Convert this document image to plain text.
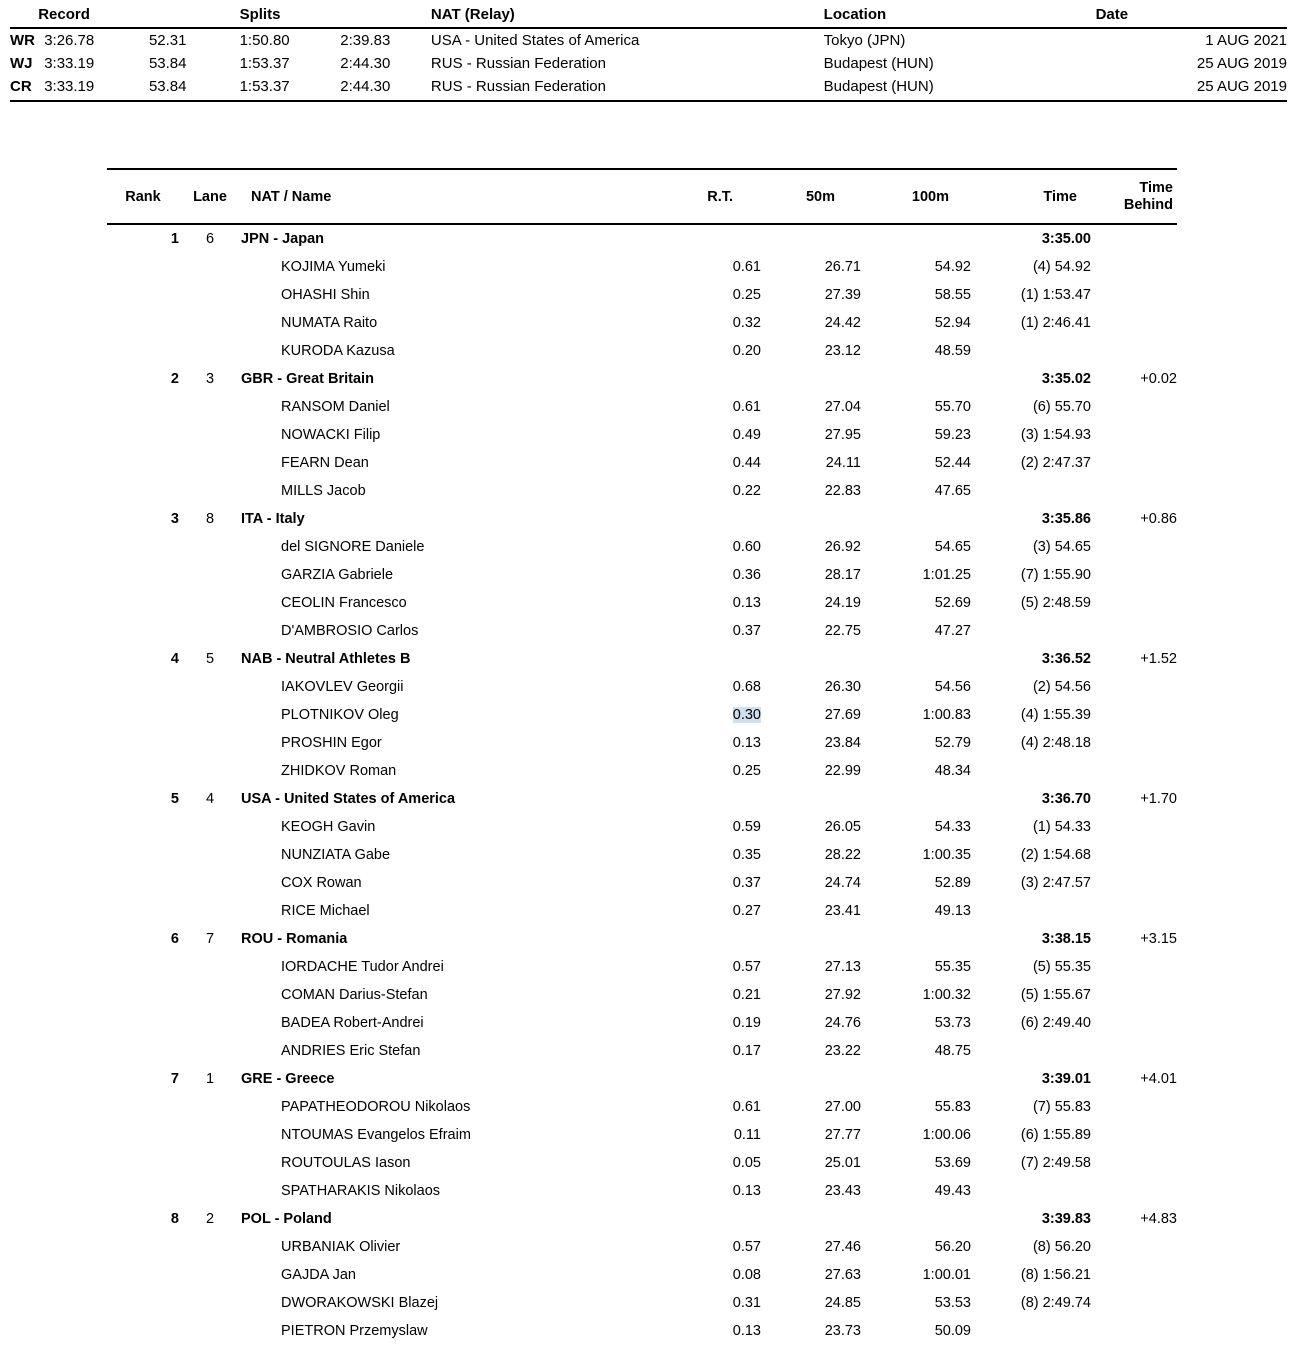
	Record		Splits		NAT (Relay)	Location	Date
WR	3:26.78	52.31	1:50.80	2:39.83	USA - United States of America	Tokyo (JPN)	1 AUG 2021
WJ	3:33.19	53.84	1:53.37	2:44.30	RUS - Russian Federation	Budapest (HUN)	25 AUG 2019
CR	3:33.19	53.84	1:53.37	2:44.30	RUS - Russian Federation	Budapest (HUN)	25 AUG 2019
Rank	Lane	NAT / Name	R.T.	50m	100m	Time	Time
Behind
1	6	JPN - Japan				3:35.00	
		KOJIMA Yumeki	0.61	26.71	54.92	(4) 54.92	
		OHASHI Shin	0.25	27.39	58.55	(1) 1:53.47	
		NUMATA Raito	0.32	24.42	52.94	(1) 2:46.41	
		KURODA Kazusa	0.20	23.12	48.59		
2	3	GBR - Great Britain				3:35.02	+0.02
		RANSOM Daniel	0.61	27.04	55.70	(6) 55.70	
		NOWACKI Filip	0.49	27.95	59.23	(3) 1:54.93	
		FEARN Dean	0.44	24.11	52.44	(2) 2:47.37	
		MILLS Jacob	0.22	22.83	47.65		
3	8	ITA - Italy				3:35.86	+0.86
		del SIGNORE Daniele	0.60	26.92	54.65	(3) 54.65	
		GARZIA Gabriele	0.36	28.17	1:01.25	(7) 1:55.90	
		CEOLIN Francesco	0.13	24.19	52.69	(5) 2:48.59	
		D'AMBROSIO Carlos	0.37	22.75	47.27		
4	5	NAB - Neutral Athletes B				3:36.52	+1.52
		IAKOVLEV Georgii	0.68	26.30	54.56	(2) 54.56	
		PLOTNIKOV Oleg	0.30	27.69	1:00.83	(4) 1:55.39	
		PROSHIN Egor	0.13	23.84	52.79	(4) 2:48.18	
		ZHIDKOV Roman	0.25	22.99	48.34		
5	4	USA - United States of America				3:36.70	+1.70
		KEOGH Gavin	0.59	26.05	54.33	(1) 54.33	
		NUNZIATA Gabe	0.35	28.22	1:00.35	(2) 1:54.68	
		COX Rowan	0.37	24.74	52.89	(3) 2:47.57	
		RICE Michael	0.27	23.41	49.13		
6	7	ROU - Romania				3:38.15	+3.15
		IORDACHE Tudor Andrei	0.57	27.13	55.35	(5) 55.35	
		COMAN Darius-Stefan	0.21	27.92	1:00.32	(5) 1:55.67	
		BADEA Robert-Andrei	0.19	24.76	53.73	(6) 2:49.40	
		ANDRIES Eric Stefan	0.17	23.22	48.75		
7	1	GRE - Greece				3:39.01	+4.01
		PAPATHEODOROU Nikolaos	0.61	27.00	55.83	(7) 55.83	
		NTOUMAS Evangelos Efraim	0.11	27.77	1:00.06	(6) 1:55.89	
		ROUTOULAS Iason	0.05	25.01	53.69	(7) 2:49.58	
		SPATHARAKIS Nikolaos	0.13	23.43	49.43		
8	2	POL - Poland				3:39.83	+4.83
		URBANIAK Olivier	0.57	27.46	56.20	(8) 56.20	
		GAJDA Jan	0.08	27.63	1:00.01	(8) 1:56.21	
		DWORAKOWSKI Blazej	0.31	24.85	53.53	(8) 2:49.74	
		PIETRON Przemyslaw	0.13	23.73	50.09		
